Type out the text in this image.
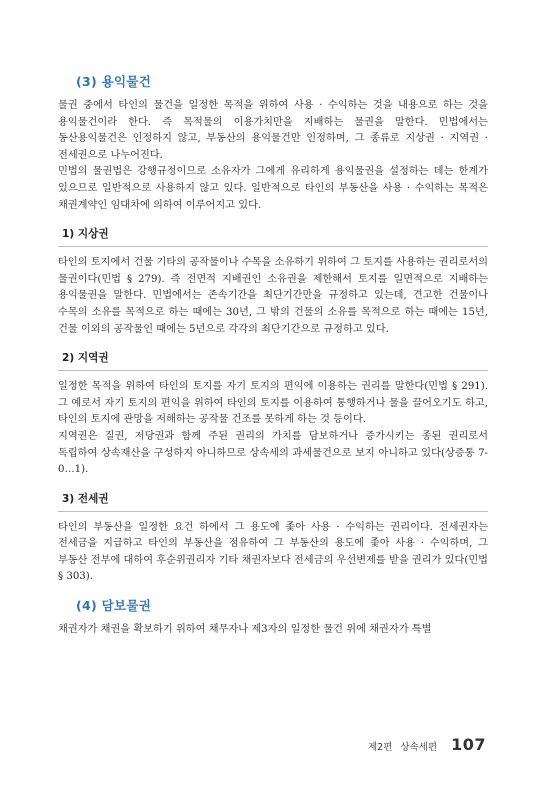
(3) 용익물건

물권 중에서 타인의 물건을 일정한 목적을 위하여 사용 · 수익하는 것을 내용으로 하는 것을 용익물건이라 한다. 즉 목적물의 이용가치만을 지배하는 물권을 말한다. 민법에서는 동산용익물건은 인정하지 않고, 부동산의 용익물건만 인정하며, 그 종류로 지상권 · 지역권 · 전세권으로 나누어진다.

민법의 물권법은 강행규정이므로 소유자가 그에게 유리하게 용익물권을 설정하는 데는 한계가 있으므로 일반적으로 사용하지 않고 있다. 일반적으로 타인의 부동산을 사용 · 수익하는 목적은 채권계약인 임대차에 의하여 이루어지고 있다.

1) 지상권

타인의 토지에서 건물 기타의 공작물이나 수목을 소유하기 위하여 그 토지를 사용하는 권리로서의 물권이다(민법 § 279). 즉 전면적 지배권인 소유권을 제한해서 토지를 일면적으로 지배하는 용익물권을 말한다. 민법에서는 존속기간을 최단기간만을 규정하고 있는데, 견고한 건물이나 수목의 소유를 목적으로 하는 때에는 30년, 그 밖의 건물의 소유를 목적으로 하는 때에는 15년, 건물 이외의 공작물인 때에는 5년으로 각각의 최단기간으로 규정하고 있다.

2) 지역권

일정한 목적을 위하여 타인의 토지를 자기 토지의 편익에 이용하는 권리를 말한다(민법 § 291). 그 예로서 자기 토지의 편익을 위하여 타인의 토지를 이용하여 통행하거나 물을 끌어오기도 하고, 타인의 토지에 관망을 저해하는 공작물 건조를 못하게 하는 것 등이다.

지역권은 질권, 저당권과 함께 주된 권리의 가치를 담보하거나 증가시키는 종된 권리로서 독립하여 상속재산을 구성하지 아니하므로 상속세의 과세물건으로 보지 아니하고 있다(상증통 7-0…1).

3) 전세권

타인의 부동산을 일정한 요건 하에서 그 용도에 좇아 사용 · 수익하는 권리이다. 전세권자는 전세금을 지급하고 타인의 부동산을 점유하여 그 부동산의 용도에 좇아 사용 · 수익하며, 그 부동산 전부에 대하여 후순위권리자 기타 채권자보다 전세금의 우선변제를 받을 권리가 있다(민법 § 303).

(4) 담보물권

채권자가 채권을 확보하기 위하여 채무자나 제3자의 일정한 물건 위에 채권자가 특별

제2편 상속세편 107
